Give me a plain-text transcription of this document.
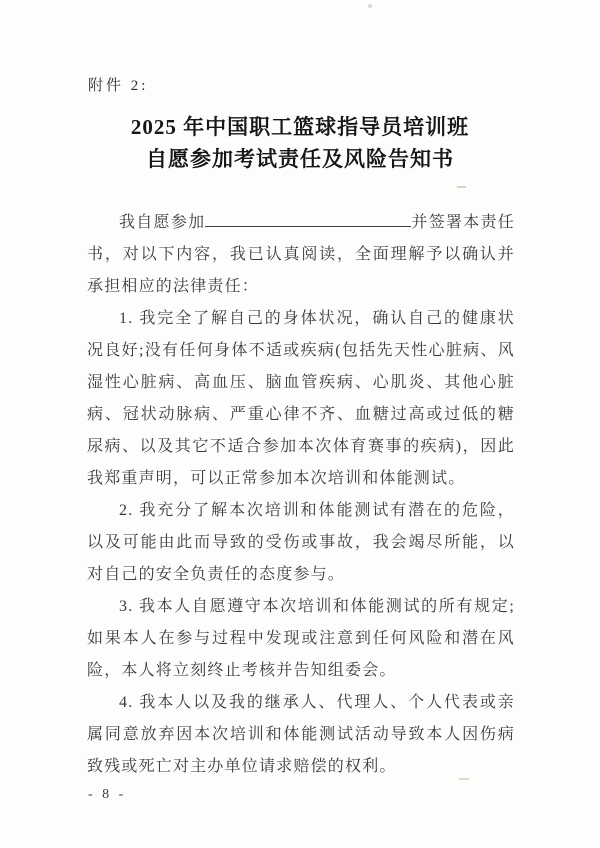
附件 2:
2025 年中国职工篮球指导员培训班
自愿参加考试责任及风险告知书

我自愿参加	并签署本责任书，对以下内容，我已认真阅读，全面理解予以确认并承担相应的法律责任：

1. 我完全了解自己的身体状况，确认自己的健康状况良好;没有任何身体不适或疾病(包括先天性心脏病、风湿性心脏病、高血压、脑血管疾病、心肌炎、其他心脏病、冠状动脉病、严重心律不齐、血糖过高或过低的糖尿病、以及其它不适合参加本次体育赛事的疾病)，因此我郑重声明，可以正常参加本次培训和体能测试。

2. 我充分了解本次培训和体能测试有潜在的危险，以及可能由此而导致的受伤或事故，我会竭尽所能，以对自己的安全负责任的态度参与。

3. 我本人自愿遵守本次培训和体能测试的所有规定;如果本人在参与过程中发现或注意到任何风险和潜在风险，本人将立刻终止考核并告知组委会。

4. 我本人以及我的继承人、代理人、个人代表或亲属同意放弃因本次培训和体能测试活动导致本人因伤病致残或死亡对主办单位请求赔偿的权利。

- 8 -
